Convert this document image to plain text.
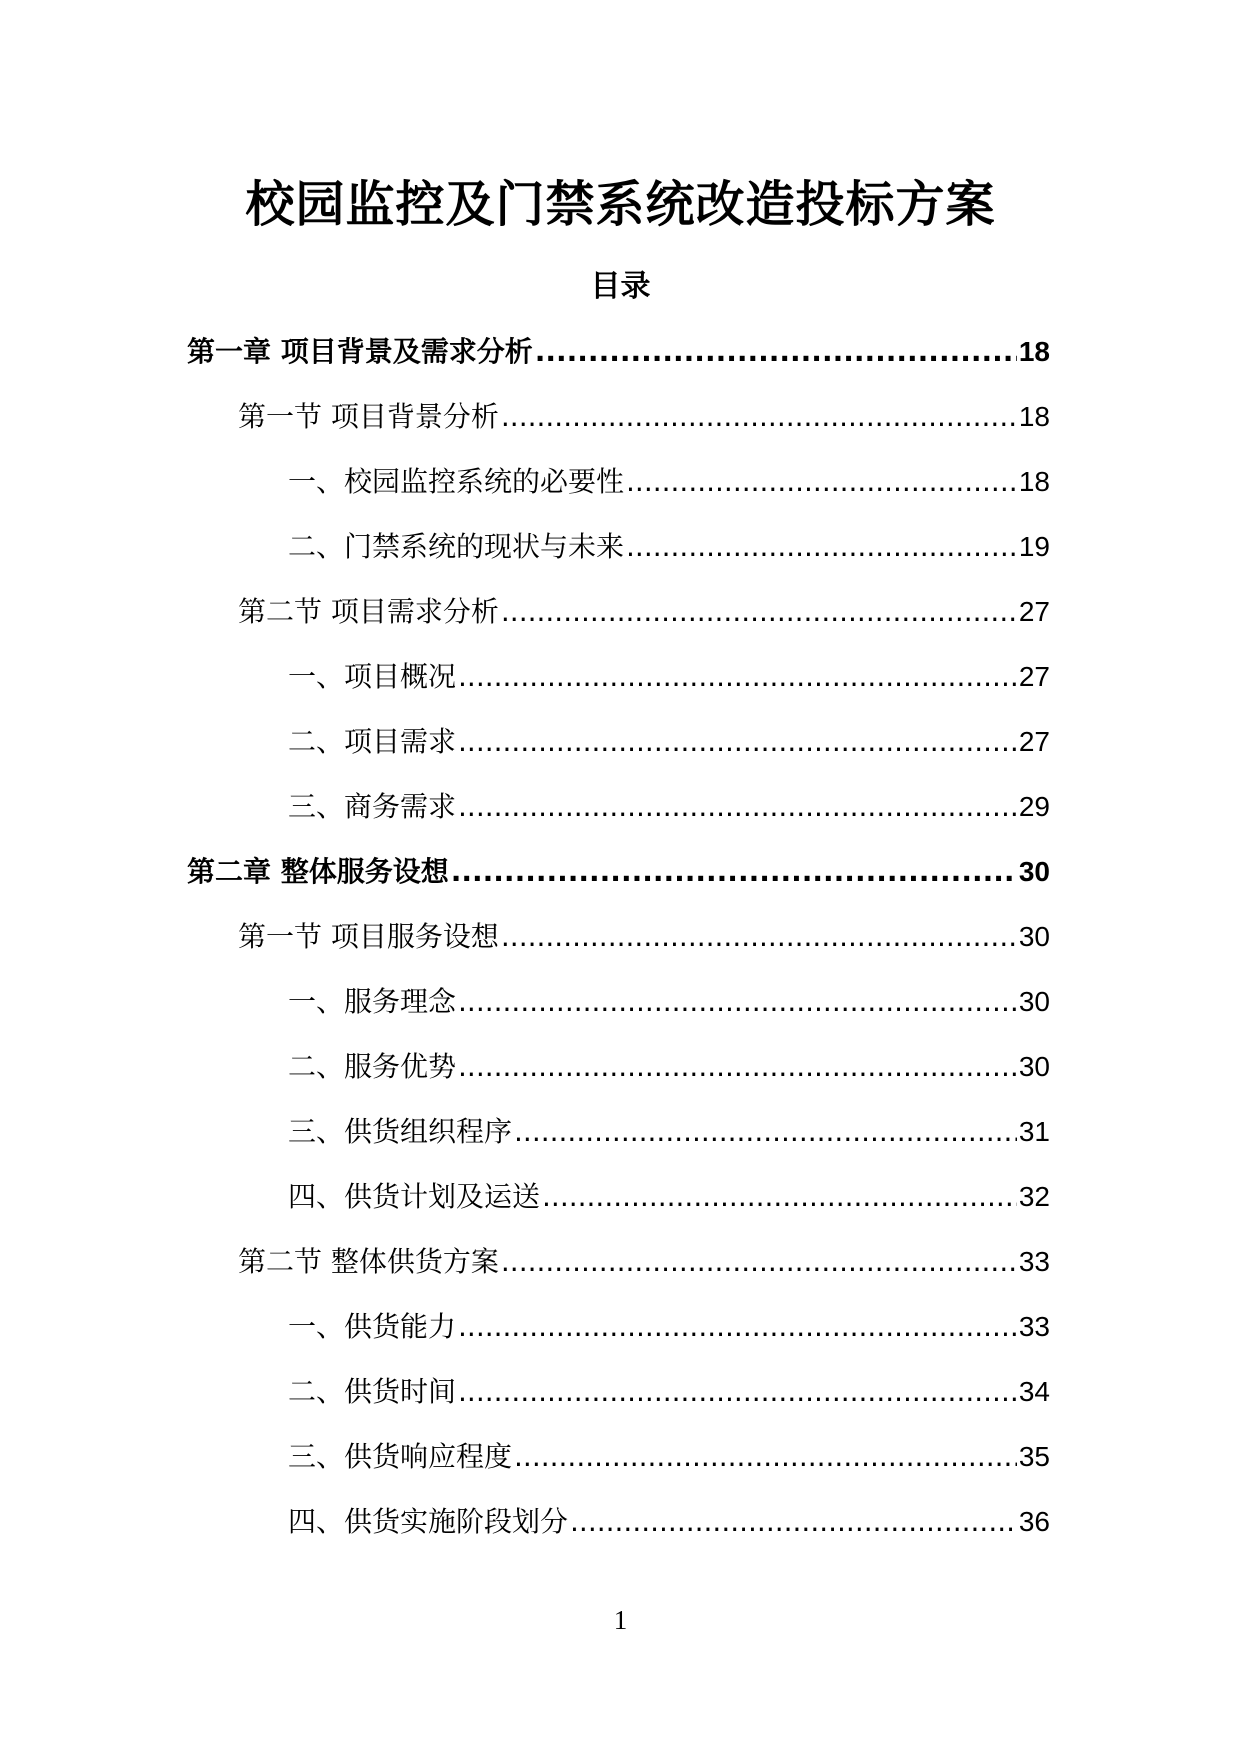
校园监控及门禁系统改造投标方案
目录
第一章 项目背景及需求分析 .....	18
第一节 项目背景分析 .....	18
一、校园监控系统的必要性 .....	18
二、门禁系统的现状与未来 .....	19
第二节 项目需求分析 .....	27
一、项目概况 .....	27
二、项目需求 .....	27
三、商务需求 .....	29
第二章 整体服务设想 .....	30
第一节 项目服务设想 .....	30
一、服务理念 .....	30
二、服务优势 .....	30
三、供货组织程序 .....	31
四、供货计划及运送 .....	32
第二节 整体供货方案 .....	33
一、供货能力 .....	33
二、供货时间 .....	34
三、供货响应程度 .....	35
四、供货实施阶段划分 .....	36
1
